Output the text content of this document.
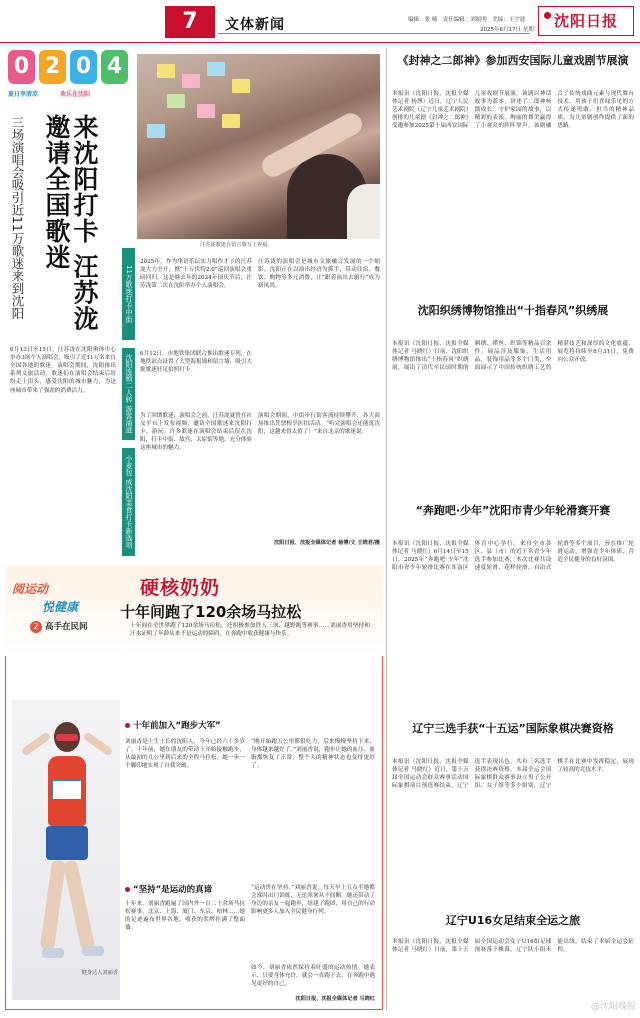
7	文体新闻	编辑：张 楠　责任编辑：刘振明　美编：王宇波
2025年6月17日 星期二 沈阳日报
0 2 0 4
夏日享清凉	欢乐在沈阳
来沈阳打卡 汪苏泷邀请全国歌迷
三场演唱会吸引近11万歌迷来到沈阳	11万歌迷打卡中街
沈阳连锁二人转 游客涌进
小麦包 成沈阳美食打卡新选项
汪苏泷歌迷在留言墙写上祝福。
6月13日至15日，汪苏泷在沈阳奥体中心举办3场个人演唱会，吸引了近11万名来自全国各地的歌迷。演唱会期间，沈阳推出系列文旅活动，歌迷们在演唱会结束后纷纷走上街头，感受沈阳的城市魅力，为这座城市带来了强劲的消费活力。
2025年，作为华语乐坛实力唱作才子的汪苏泷大力全开，携“十万伏特2.0”巡回演唱会重磅回归。这是继去年的2024年国庆节后，汪苏泷第二次在沈阳举办个人演唱会。
6月12日，市地铁集团联合推出歌迷专列，在地铁站点设置了大型海报墙和留言墙，吸引大批歌迷驻足拍照打卡。
为了回馈歌迷，演唱会之前，汪苏泷就曾在社交平台上发布视频，邀请全国歌迷来沈阳打卡、游玩。许多歌迷在演唱会结束后留在沈阳，打卡中街、故宫、太原街等地，充分体验这座城市的魅力。
汪苏泷的演唱会是城市文旅融合发展的一个缩影。沈阳正在以演出经济为抓手，带动住宿、餐饮、购物等多元消费，让“跟着演出去旅行”成为新风尚。
演唱会期间，中街步行街客流持续攀升，各大商场推出凭票根享折扣活动。“听完演唱会还能逛沈阳，这趟来得太值了！”来自北京的歌迷说。
沈阳日报、沈报全媒体记者 杨博/文 王晓君/摄
《封神之二郎神》参加西安国际儿童戏剧节展演
本报讯（沈阳日报、沈报全媒体记者 杨博）近日，辽宁人民艺术剧院（辽宁儿童艺术剧院）创排的儿童剧《封神之二郎神》受邀参加2025第十届西安国际儿童戏剧节展演。该剧以神话故事为蓝本，讲述了二郎神杨戬成长、守护家园的故事，以精彩的表演、绚丽的舞美赢得了小观众的阵阵掌声。该剧融合了传统戏曲元素与现代舞台技术，用孩子们喜闻乐见的方式传递勇敢、担当的精神品质，为儿童剧创作提供了新的思路。
沈阳织绣博物馆推出“十指春风”织绣展
本报讯（沈阳日报、沈报全媒体记者 马晓红）日前，沈阳织绣博物馆推出“十指春风”织绣展，展出了清代至民国时期的刺绣、缂丝、织锦等精品百余件。展品涉及服饰、生活用品、装饰用品等多个门类，全面展示了中国传统织绣工艺的精湛技艺和深厚的文化底蕴。展览将持续至8月31日，免费向公众开放。
“奔跑吧·少年”沈阳市青少年轮滑赛开赛
本报讯（沈阳日报、沈报全媒体记者 马晓红）6月14日至15日，2025年“奔跑吧·少年”沈阳市青少年轮滑比赛在浑南区体育中心举行。来自全市各区、县（市）的近千名青少年选手参加比赛。本次比赛共设速度轮滑、花样轮滑、自由式轮滑等多个项目，旨在推广轮滑运动，增强青少年体质，营造全民健身的良好氛围。
辽宁三选手获“十五运”国际象棋决赛资格
本报讯（沈阳日报、沈报全媒体记者 马晓红）近日，第十五届全国运动会群众赛事活动国际象棋项目预选赛结束，辽宁选手表现出色，共有三名选手获得决赛资格。本届全运会国际象棋群众赛事设立男子公开组、女子组等多个组别，辽宁棋手在比赛中发挥稳定，展现了较高的竞技水平。
辽宁U16女足结束全运之旅
本报讯（沈阳日报、沈报全媒体记者 马晓红）日前，第十五届全国运动会女子U16组足球预赛落下帷幕，辽宁队小组未能出线，结束了本届全运会征程。
阅运动
悦健康
2 高手在民间
硬核奶奶
十年间跑了120余场马拉松
十年间在全世界跑了120余场马拉松，还积极参加铁人三项、越野跑等赛事……刘丽香用坚持和汗水证明了年龄从来不是运动的障碍，在奔跑中收获健康与快乐。
健身达人刘丽香
十年前加入“跑步大军”
刘丽香是土生土长的沈阳人，今年已经六十多岁了。十年前，她在朋友的带动下开始接触跑步，从最初的几公里到后来的全程马拉松，她一步一个脚印地实现了自我突破。
“刚开始跑五公里都很吃力，后来慢慢坚持下来，身体越来越好了。”刘丽香说，跑步让她的血压、血脂都恢复了正常，整个人的精神状态也变得更好了。
“坚持”是运动的真谛
十年来，刘丽香跑遍了国内外一百二十余场马拉松赛事，北京、上海、厦门、东京、柏林……她的足迹遍布世界各地，收获的奖牌挂满了整面墙。
“运动贵在坚持。”刘丽香说，每天早上五点半她都会准时出门训练，无论寒暑从不间断。她还带动了身边的亲友一起跑步，组建了跑团，用自己的行动影响更多人加入全民健身行列。
如今，刘丽香依然保持着旺盛的运动热情。她表示，只要身体允许，就会一直跑下去，在奔跑中遇见更好的自己。
沈阳日报、沈报全媒体记者 马晓红
@沈阳晚报
